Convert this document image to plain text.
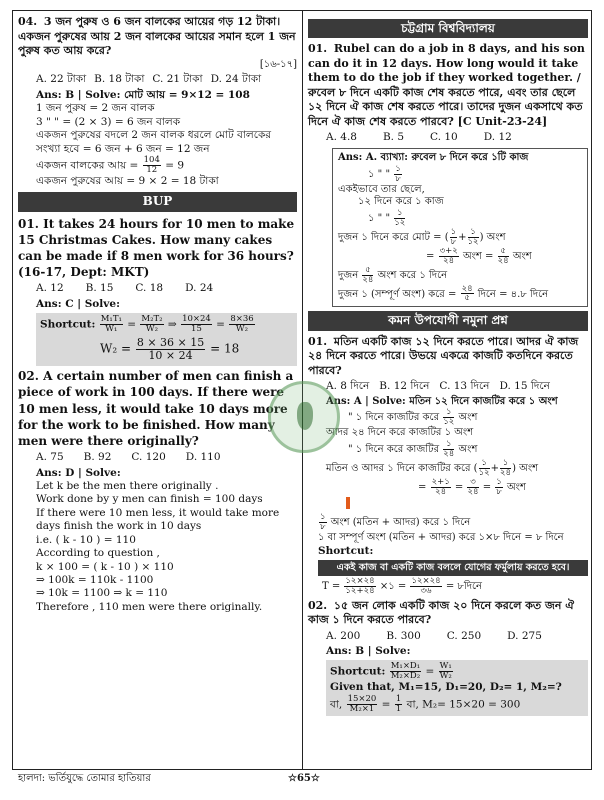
04. 3 জন পুরুষ ও 6 জন বালকের আয়ের গড় 12 টাকা। একজন পুরুষের আয় 2 জন বালকের আয়ের সমান হলে 1 জন পুরুষ কত আয় করে?
[১৬-১৭]
A. 22 টাকা B. 18 টাকা C. 21 টাকা D. 24 টাকা
Ans: B | Solve: মোট আয় = 9×12 = 108
1 জন পুরুষ = 2 জন বালক
3 " " = (2 × 3) = 6 জন বালক
একজন পুরুষের বদলে 2 জন বালক ধরলে মোট বালকের
সংখ্যা হবে = 6 জন + 6 জন = 12 জন
একজন বালকের আয় = $\frac{104}{12} = 9$
একজন পুরুষের আয় = 9 × 2 = 18 টাকা
BUP
01. It takes 24 hours for 10 men to make 15 Christmas Cakes. How many cakes can be made if 8 men work for 36 hours? (16-17, Dept: MKT)
A. 12 B. 15 C. 18 D. 24
Ans: C | Solve:
Shortcut: $\frac{\text{M₁T₁}}{\text{W₁}} = \frac{\text{M₂T₂}}{\text{W₂}}$ ⇒ $\frac{10\times 24}{15} = \frac{8\times 36}{\text{W₂}}$
$W_2 = \frac{8 \times 36 \times 15}{10 \times 24} = 18$
02. A certain number of men can finish a piece of work in 100 days. If there were 10 men less, it would take 10 days more for the work to be finished. How many men were there originally?
A. 75 B. 92 C. 120 D. 110
Ans: D | Solve:
Let k be the men there originally .
Work done by y men can finish = 100 days
If there were 10 men less, it would take more
days finish the work in 10 days
i.e. ( k - 10 ) = 110
According to question ,
k × 100 = ( k - 10 ) × 110
⇒ 100k = 110k - 1100
⇒ 10k = 1100 ⇒ k = 110
Therefore , 110 men were there originally.
চট্টগ্রাম বিশ্ববিদ্যালয়
01. Rubel can do a job in 8 days, and his son can do it in 12 days. How long would it take them to do the job if they worked together. / রুবেল ৮ দিনে একটি কাজ শেষ করতে পারে, এবং তার ছেলে ১২ দিনে ঐ কাজ শেষ করতে পারে। তাদের দুজন একসাথে কত দিনে ঐ কাজ শেষ করতে পারবে? [C Unit-23-24]
A. 4.8 B. 5 C. 10 D. 12
Ans: A. ব্যাখ্যা: রুবেল ৮ দিনে করে ১টি কাজ
১ " " $\frac{১}{৮}$
একইভাবে তার ছেলে,
১২ দিনে করে ১ কাজ
১ " " $\frac{১}{১২}$
দুজন ১ দিনে করে মোট = ( $\frac{১}{৮} + \frac{১}{১২}$ ) অংশ
= $\frac{৩+২}{২৪}$ অংশ = $\frac{৫}{২৪}$ অংশ
দুজন $\frac{৫}{২৪}$ অংশ করে ১ দিনে
দুজন ১ (সম্পূর্ণ অংশ) করে = $\frac{২৪}{৫}$ দিনে = ৪.৮ দিনে
কমন উপযোগী নমুনা প্রশ্ন
01. মতিন একটি কাজ ১২ দিনে করতে পারে। আদর ঐ কাজ ২৪ দিনে করতে পারে। উভয়ে একত্রে কাজটি কতদিনে করতে পারবে?
A. 8 দিনে B. 12 দিনে C. 13 দিনে D. 15 দিনে
Ans: A | Solve: মতিন ১২ দিনে কাজটির করে ১ অংশ
" ১ দিনে কাজটির করে $\frac{১}{১২}$ অংশ
আদর ২৪ দিনে করে কাজটির ১ অংশ
" ১ দিনে করে কাজটির $\frac{১}{২৪}$ অংশ
মতিন ও আদর ১ দিনে কাজটির করে ( $\frac{১}{১২} + \frac{১}{২৪}$ ) অংশ
= $\frac{২+১}{২৪} = \frac{৩}{২৪} = \frac{১}{৮}$ অংশ
$\frac{১}{৮}$ অংশ (মতিন + আদর) করে ১ দিনে
১ বা সম্পূর্ণ অংশ (মতিন + আদর) করে ১×৮ দিনে = ৮ দিনে
Shortcut:
একই কাজ বা একটি কাজ বললে যোগের ফর্মুলায় করতে হবে।
$T = \frac{১২\times ২৪}{১২+২৪}$ ×১ = $\frac{১২\times ২৪}{৩৬}$ = ৮দিনে
02. ১৫ জন লোক একটি কাজ ২০ দিনে করলে কত জন ঐ কাজ ১ দিনে করতে পারবে?
A. 200 B. 300 C. 250 D. 275
Ans: B | Solve:
Shortcut: $\frac{\text{M₁×D₁}}{\text{M₂×D₂}} = \frac{\text{W₁}}{\text{W₂}}$
Given that, M₁=15, D₁=20, D₂= 1, M₂=?
বা, $\frac{15\times 20}{\text{M₂×1}} = \frac{1}{1}$ বা, M₂= 15×20 = 300
হালদা: ভর্তিযুদ্ধে তোমার হাতিয়ার	☆65☆
